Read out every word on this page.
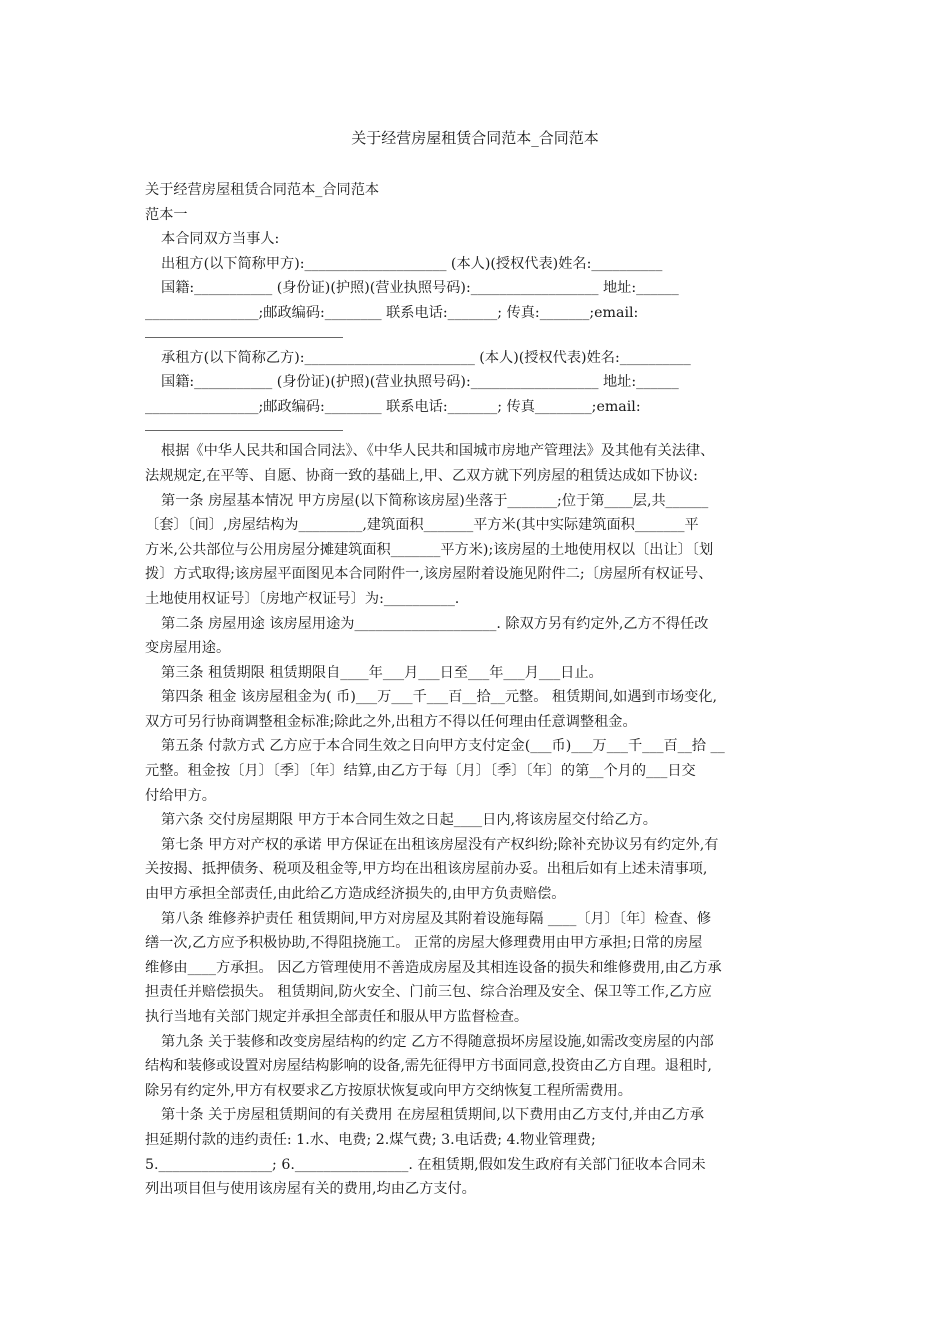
关于经营房屋租赁合同范本_合同范本
关于经营房屋租赁合同范本_合同范本
范本一
本合同双方当事人:
出租方(以下简称甲方):____________________ (本人)(授权代表)姓名:__________
国籍:___________ (身份证)(护照)(营业执照号码):__________________ 地址:______
________________;邮政编码:________ 联系电话:_______; 传真:_______;email:
承租方(以下简称乙方):________________________ (本人)(授权代表)姓名:__________
国籍:___________ (身份证)(护照)(营业执照号码):__________________ 地址:______
________________;邮政编码:________ 联系电话:_______; 传真________;email:
根据《中华人民共和国合同法》、《中华人民共和国城市房地产管理法》及其他有关法律、
法规规定,在平等、自愿、协商一致的基础上,甲、乙双方就下列房屋的租赁达成如下协议:
第一条 房屋基本情况 甲方房屋(以下简称该房屋)坐落于_______;位于第____层,共______
〔套〕〔间〕,房屋结构为_________,建筑面积_______平方米(其中实际建筑面积_______平
方米,公共部位与公用房屋分摊建筑面积_______平方米);该房屋的土地使用权以〔出让〕〔划
拨〕方式取得;该房屋平面图见本合同附件一,该房屋附着设施见附件二;〔房屋所有权证号、
土地使用权证号〕〔房地产权证号〕为:__________.
第二条 房屋用途 该房屋用途为____________________. 除双方另有约定外,乙方不得任改
变房屋用途。
第三条 租赁期限 租赁期限自____年___月___日至___年___月___日止。
第四条 租金 该房屋租金为( 币)___万___千___百__拾__元整。 租赁期间,如遇到市场变化,
双方可另行协商调整租金标准;除此之外,出租方不得以任何理由任意调整租金。
第五条 付款方式 乙方应于本合同生效之日向甲方支付定金(___币)___万___千___百__拾 __
元整。租金按〔月〕〔季〕〔年〕结算,由乙方于每〔月〕〔季〕〔年〕的第__个月的___日交
付给甲方。
第六条 交付房屋期限 甲方于本合同生效之日起____日内,将该房屋交付给乙方。
第七条 甲方对产权的承诺 甲方保证在出租该房屋没有产权纠纷;除补充协议另有约定外,有
关按揭、抵押债务、税项及租金等,甲方均在出租该房屋前办妥。出租后如有上述未清事项,
由甲方承担全部责任,由此给乙方造成经济损失的,由甲方负责赔偿。
第八条 维修养护责任 租赁期间,甲方对房屋及其附着设施每隔 ____〔月〕〔年〕检查、修
缮一次,乙方应予积极协助,不得阻挠施工。 正常的房屋大修理费用由甲方承担;日常的房屋
维修由____方承担。 因乙方管理使用不善造成房屋及其相连设备的损失和维修费用,由乙方承
担责任并赔偿损失。 租赁期间,防火安全、门前三包、综合治理及安全、保卫等工作,乙方应
执行当地有关部门规定并承担全部责任和服从甲方监督检查。
第九条 关于装修和改变房屋结构的约定 乙方不得随意损坏房屋设施,如需改变房屋的内部
结构和装修或设置对房屋结构影响的设备,需先征得甲方书面同意,投资由乙方自理。退租时,
除另有约定外,甲方有权要求乙方按原状恢复或向甲方交纳恢复工程所需费用。
第十条 关于房屋租赁期间的有关费用 在房屋租赁期间,以下费用由乙方支付,并由乙方承
担延期付款的违约责任: 1.水、电费; 2.煤气费; 3.电话费; 4.物业管理费;
5.________________; 6.________________. 在租赁期,假如发生政府有关部门征收本合同未
列出项目但与使用该房屋有关的费用,均由乙方支付。
